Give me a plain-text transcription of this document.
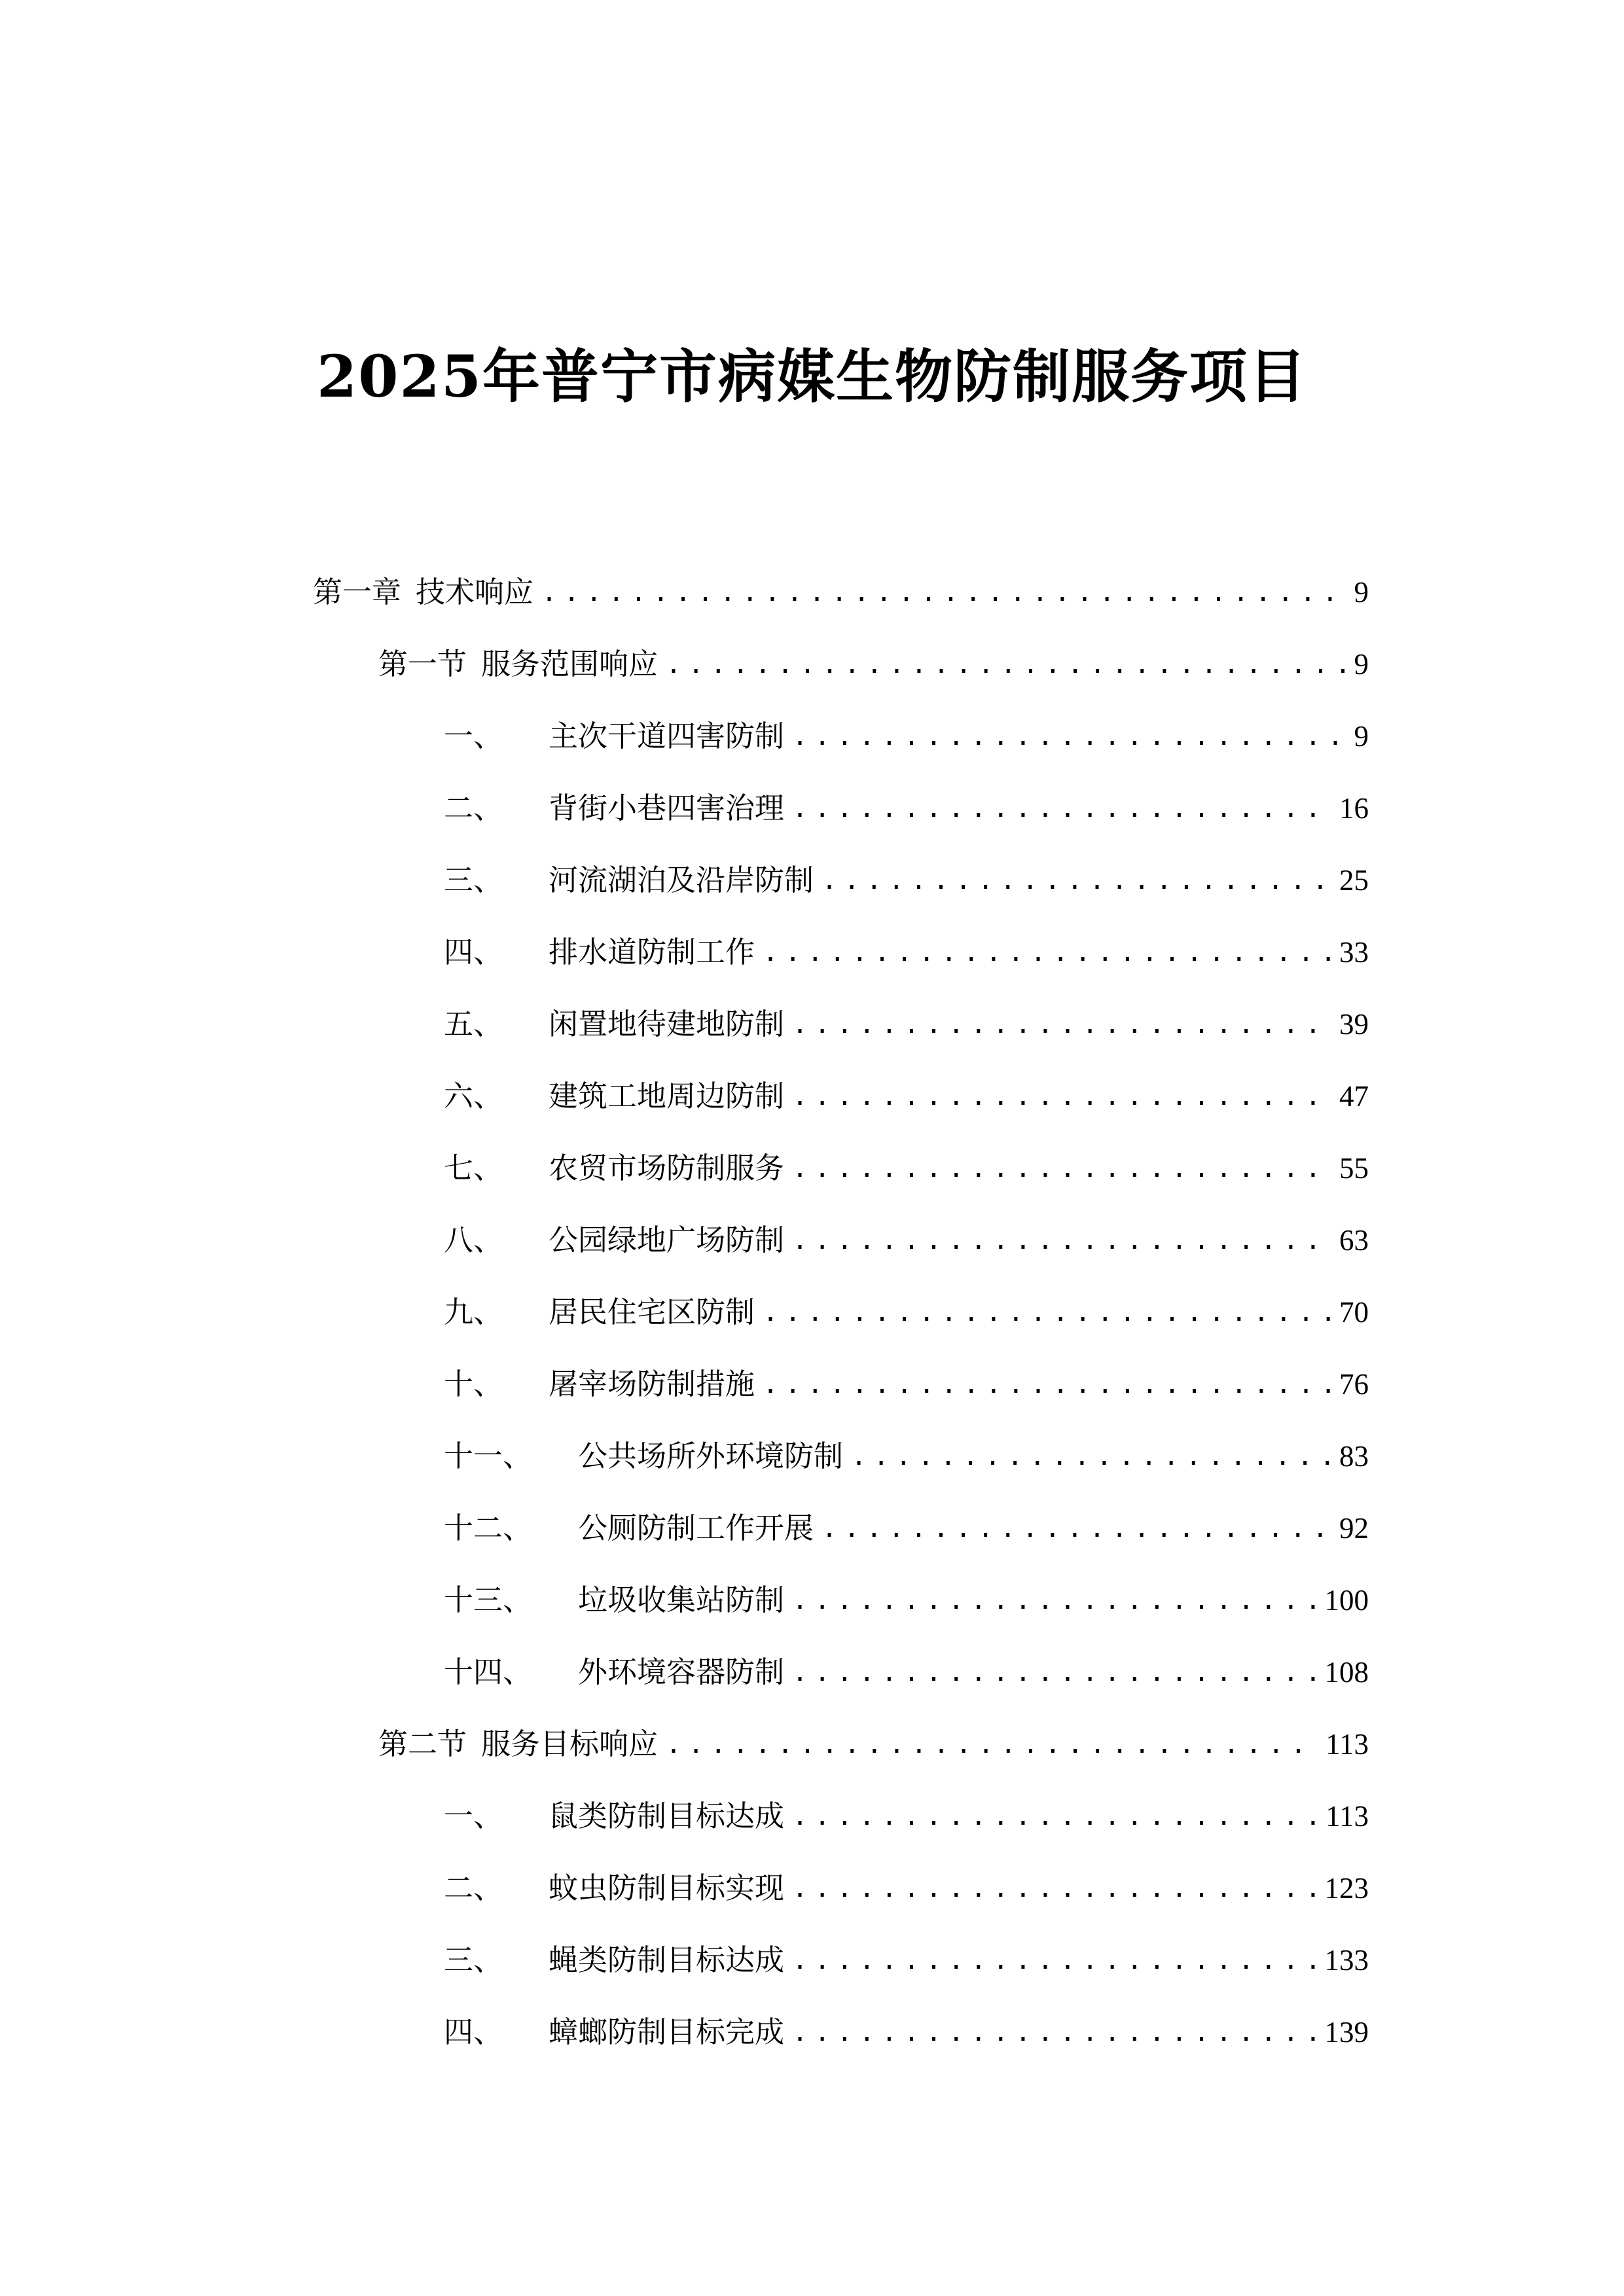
2025年普宁市病媒生物防制服务项目
第一章 技术响应 .....	9
第一节 服务范围响应 .....	9
一、 主次干道四害防制 .....	9
二、 背街小巷四害治理 .....	16
三、 河流湖泊及沿岸防制 .....	25
四、 排水道防制工作 .....	33
五、 闲置地待建地防制 .....	39
六、 建筑工地周边防制 .....	47
七、 农贸市场防制服务 .....	55
八、 公园绿地广场防制 .....	63
九、 居民住宅区防制 .....	70
十、 屠宰场防制措施 .....	76
十一、 公共场所外环境防制 .....	83
十二、 公厕防制工作开展 .....	92
十三、 垃圾收集站防制 .....	100
十四、 外环境容器防制 .....	108
第二节 服务目标响应 .....	113
一、 鼠类防制目标达成 .....	113
二、 蚊虫防制目标实现 .....	123
三、 蝇类防制目标达成 .....	133
四、 蟑螂防制目标完成 .....	139
